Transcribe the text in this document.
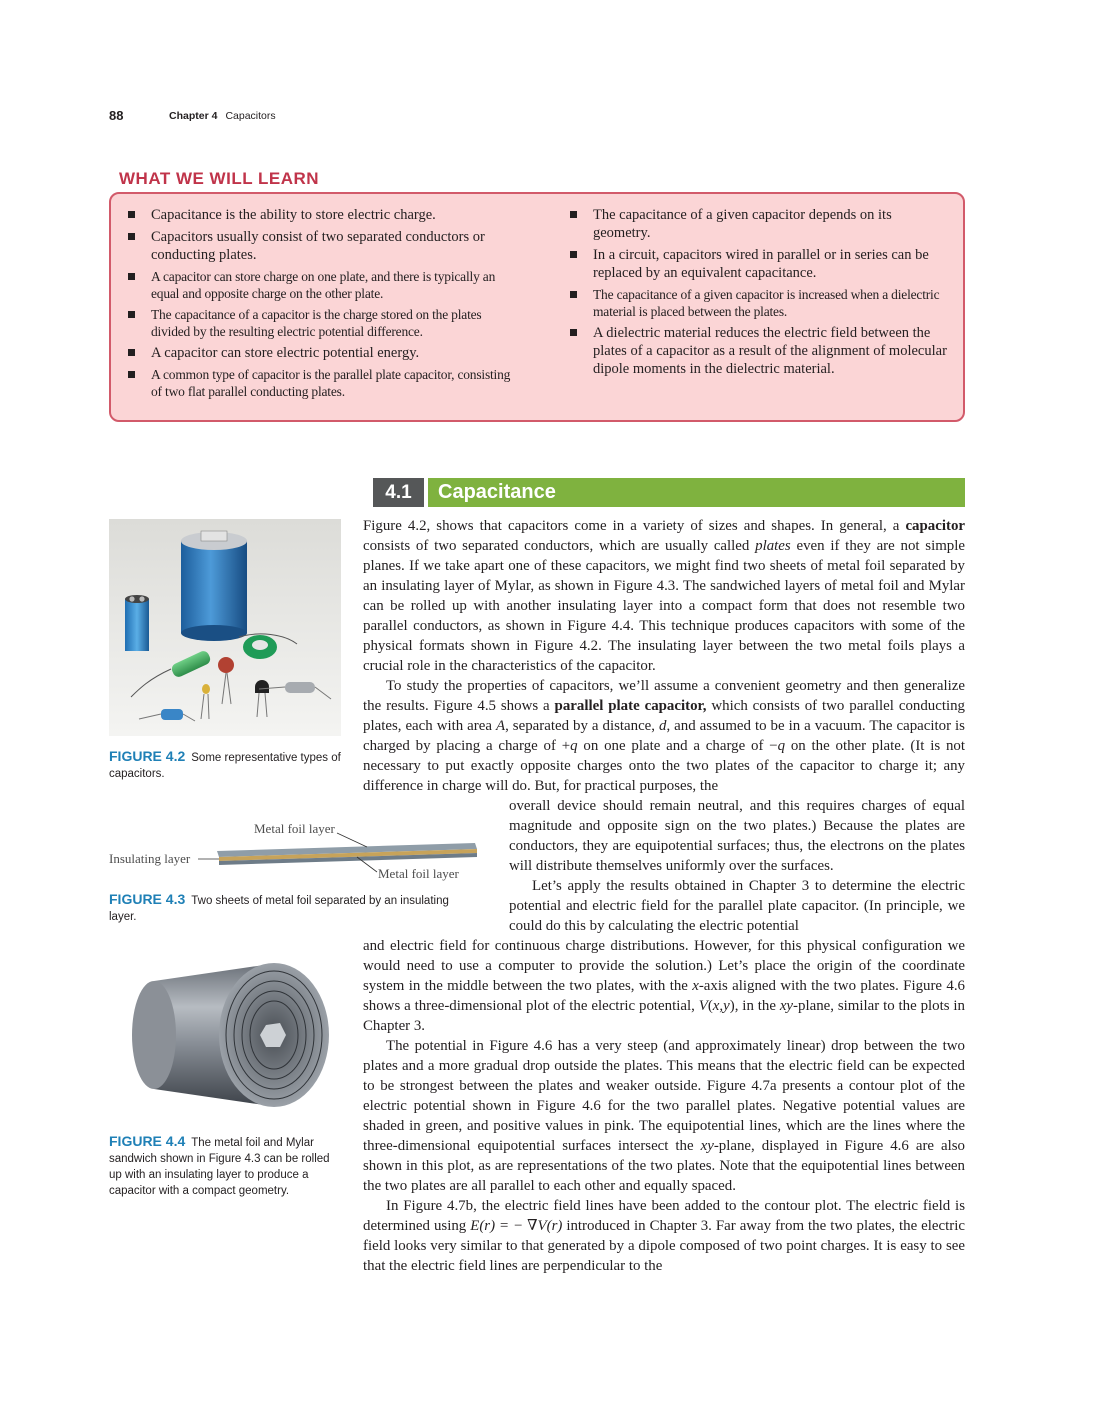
88	Chapter 4 Capacitors
WHAT WE WILL LEARN
Capacitance is the ability to store electric charge.
Capacitors usually consist of two separated conductors or conducting plates.
A capacitor can store charge on one plate, and there is typically an equal and opposite charge on the other plate.
The capacitance of a capacitor is the charge stored on the plates divided by the resulting electric potential difference.
A capacitor can store electric potential energy.
A common type of capacitor is the parallel plate capacitor, consisting of two flat parallel conducting plates.
The capacitance of a given capacitor depends on its geometry.
In a circuit, capacitors wired in parallel or in series can be replaced by an equivalent capacitance.
The capacitance of a given capacitor is increased when a dielectric material is placed between the plates.
A dielectric material reduces the electric field between the plates of a capacitor as a result of the alignment of molecular dipole moments in the dielectric material.
4.1	Capacitance
FIGURE 4.2 Some representative types of capacitors.
Metal foil layer
Insulating layer
Metal foil layer
FIGURE 4.3 Two sheets of metal foil separated by an insulating layer.
FIGURE 4.4 The metal foil and Mylar sandwich shown in Figure 4.3 can be rolled up with an insulating layer to produce a capacitor with a compact geometry.

Figure 4.2, shows that capacitors come in a variety of sizes and shapes. In general, a capacitor consists of two separated conductors, which are usually called plates even if they are not simple planes. If we take apart one of these capacitors, we might find two sheets of metal foil separated by an insulating layer of Mylar, as shown in Figure 4.3. The sandwiched layers of metal foil and Mylar can be rolled up with another insulating layer into a compact form that does not resemble two parallel conductors, as shown in Figure 4.4. This technique produces capacitors with some of the physical formats shown in Figure 4.2. The insulating layer between the two metal foils plays a crucial role in the characteristics of the capacitor.

To study the properties of capacitors, we’ll assume a convenient geometry and then generalize the results. Figure 4.5 shows a parallel plate capacitor, which consists of two parallel conducting plates, each with area A, separated by a distance, d, and assumed to be in a vacuum. The capacitor is charged by placing a charge of +q on one plate and a charge of −q on the other plate. (It is not necessary to put exactly opposite charges onto the two plates of the capacitor to charge it; any difference in charge will do. But, for practical purposes, the

overall device should remain neutral, and this requires charges of equal magnitude and opposite sign on the two plates.) Because the plates are conductors, they are equipotential surfaces; thus, the electrons on the plates will distribute themselves uniformly over the surfaces.

Let’s apply the results obtained in Chapter 3 to determine the electric potential and electric field for the parallel plate capacitor. (In principle, we could do this by calculating the electric potential

and electric field for continuous charge distributions. However, for this physical configuration we would need to use a computer to provide the solution.) Let’s place the origin of the coordinate system in the middle between the two plates, with the x-axis aligned with the two plates. Figure 4.6 shows a three-dimensional plot of the electric potential, V(x,y), in the xy-plane, similar to the plots in Chapter 3.

The potential in Figure 4.6 has a very steep (and approximately linear) drop between the two plates and a more gradual drop outside the plates. This means that the electric field can be expected to be strongest between the plates and weaker outside. Figure 4.7a presents a contour plot of the electric potential shown in Figure 4.6 for the two parallel plates. Negative potential values are shaded in green, and positive values in pink. The equipotential lines, which are the lines where the three-dimensional equipotential surfaces intersect the xy-plane, displayed in Figure 4.6 are also shown in this plot, as are representations of the two plates. Note that the equipotential lines between the two plates are all parallel to each other and equally spaced.

In Figure 4.7b, the electric field lines have been added to the contour plot. The electric field is determined using E(r) = − ∇V(r) introduced in Chapter 3. Far away from the two plates, the electric field looks very similar to that generated by a dipole composed of two point charges. It is easy to see that the electric field lines are perpendicular to the
